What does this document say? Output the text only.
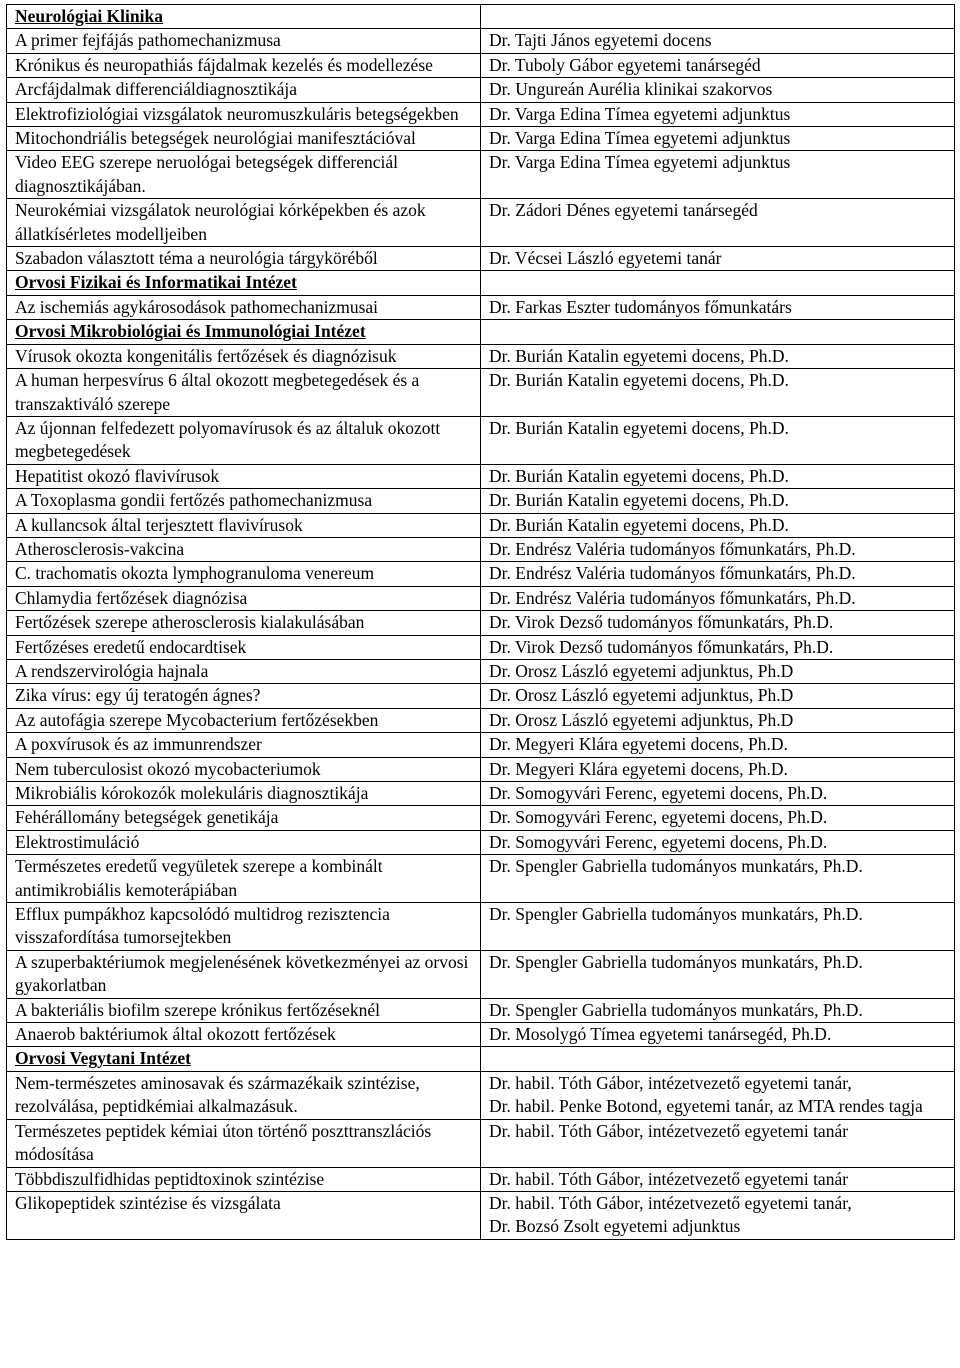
Neurológiai Klinika	
A primer fejfájás pathomechanizmusa	Dr. Tajti János egyetemi docens
Krónikus és neuropathiás fájdalmak kezelés és modellezése	Dr. Tuboly Gábor egyetemi tanársegéd
Arcfájdalmak differenciáldiagnosztikája	Dr. Ungureán Aurélia klinikai szakorvos
Elektrofiziológiai vizsgálatok neuromuszkuláris betegségekben	Dr. Varga Edina Tímea egyetemi adjunktus
Mitochondriális betegségek neurológiai manifesztációval	Dr. Varga Edina Tímea egyetemi adjunktus
Video EEG szerepe neruológai betegségek differenciál diagnosztikájában.	Dr. Varga Edina Tímea egyetemi adjunktus
Neurokémiai vizsgálatok neurológiai kórképekben és azok állatkísérletes modelljeiben	Dr. Zádori Dénes egyetemi tanársegéd
Szabadon választott téma a neurológia tárgyköréből	Dr. Vécsei László egyetemi tanár
Orvosi Fizikai és Informatikai Intézet	
Az ischemiás agykárosodások pathomechanizmusai	Dr. Farkas Eszter tudományos főmunkatárs
Orvosi Mikrobiológiai és Immunológiai Intézet	
Vírusok okozta kongenitális fertőzések és diagnózisuk	Dr. Burián Katalin egyetemi docens, Ph.D.
A human herpesvírus 6 által okozott megbetegedések és a transzaktiváló szerepe	Dr. Burián Katalin egyetemi docens, Ph.D.
Az újonnan felfedezett polyomavírusok és az általuk okozott megbetegedések	Dr. Burián Katalin egyetemi docens, Ph.D.
Hepatitist okozó flavivírusok	Dr. Burián Katalin egyetemi docens, Ph.D.
A Toxoplasma gondii fertőzés pathomechanizmusa	Dr. Burián Katalin egyetemi docens, Ph.D.
A kullancsok által terjesztett flavivírusok	Dr. Burián Katalin egyetemi docens, Ph.D.
Atherosclerosis-vakcina	Dr. Endrész Valéria tudományos főmunkatárs, Ph.D.
C. trachomatis okozta lymphogranuloma venereum	Dr. Endrész Valéria tudományos főmunkatárs, Ph.D.
Chlamydia fertőzések diagnózisa	Dr. Endrész Valéria tudományos főmunkatárs, Ph.D.
Fertőzések szerepe atherosclerosis kialakulásában	Dr. Virok Dezső tudományos főmunkatárs, Ph.D.
Fertőzéses eredetű endocardtisek	Dr. Virok Dezső tudományos főmunkatárs, Ph.D.
A rendszervirológia hajnala	Dr. Orosz László egyetemi adjunktus, Ph.D
Zika vírus: egy új teratogén ágnes?	Dr. Orosz László egyetemi adjunktus, Ph.D
Az autofágia szerepe Mycobacterium fertőzésekben	Dr. Orosz László egyetemi adjunktus, Ph.D
A poxvírusok és az immunrendszer	Dr. Megyeri Klára egyetemi docens, Ph.D.
Nem tuberculosist okozó mycobacteriumok	Dr. Megyeri Klára egyetemi docens, Ph.D.
Mikrobiális kórokozók molekuláris diagnosztikája	Dr. Somogyvári Ferenc, egyetemi docens, Ph.D.
Fehérállomány betegségek genetikája	Dr. Somogyvári Ferenc, egyetemi docens, Ph.D.
Elektrostimuláció	Dr. Somogyvári Ferenc, egyetemi docens, Ph.D.
Természetes eredetű vegyületek szerepe a kombinált antimikrobiális kemoterápiában	Dr. Spengler Gabriella tudományos munkatárs, Ph.D.
Efflux pumpákhoz kapcsolódó multidrog rezisztencia visszafordítása tumorsejtekben	Dr. Spengler Gabriella tudományos munkatárs, Ph.D.
A szuperbaktériumok megjelenésének következményei az orvosi gyakorlatban	Dr. Spengler Gabriella tudományos munkatárs, Ph.D.
A bakteriális biofilm szerepe krónikus fertőzéseknél	Dr. Spengler Gabriella tudományos munkatárs, Ph.D.
Anaerob baktériumok által okozott fertőzések	Dr. Mosolygó Tímea egyetemi tanársegéd, Ph.D.
Orvosi Vegytani Intézet	
Nem-természetes aminosavak és származékaik szintézise, rezolválása, peptidkémiai alkalmazásuk.	Dr. habil. Tóth Gábor, intézetvezető egyetemi tanár,
Dr. habil. Penke Botond, egyetemi tanár, az MTA rendes tagja
Természetes peptidek kémiai úton történő poszttranszlációs módosítása	Dr. habil. Tóth Gábor, intézetvezető egyetemi tanár
Többdiszulfidhidas peptidtoxinok szintézise	Dr. habil. Tóth Gábor, intézetvezető egyetemi tanár
Glikopeptidek szintézise és vizsgálata	Dr. habil. Tóth Gábor, intézetvezető egyetemi tanár,
Dr. Bozsó Zsolt egyetemi adjunktus
